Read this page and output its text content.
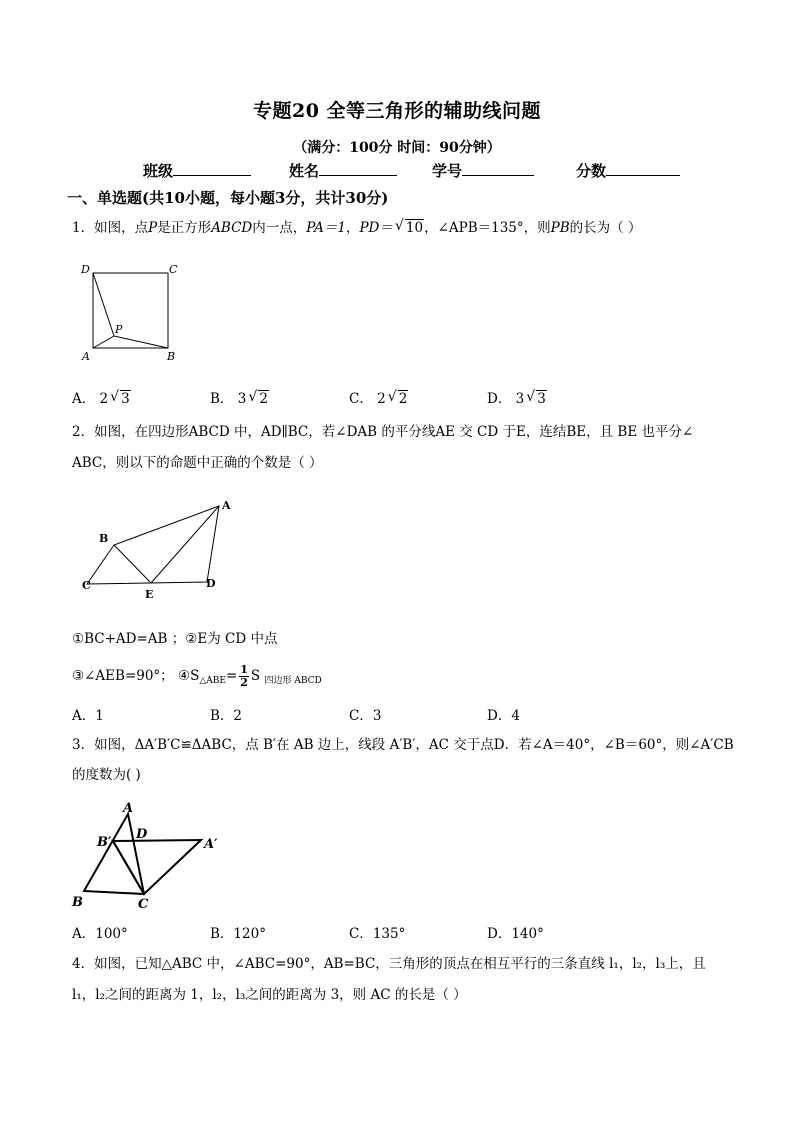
专题20 全等三角形的辅助线问题
（满分：100分 时间：90分钟）
班级	姓名	学号	分数
一、单选题(共10小题，每小题3分，共计30分)
1．如图，点P是正方形ABCD内一点，PA＝1，PD＝ √ 10，∠APB＝135°，则PB的长为（ ）
D	C
P
A	B
A． 2 √ 3	B． 3 √ 2	C． 2 √ 2	D． 3 √ 3
2．如图，在四边形ABCD 中，AD∥BC，若∠DAB 的平分线AE 交 CD 于E，连结BE，且 BE 也平分∠
ABC，则以下的命题中正确的个数是（ ）
A
B
C	D
E
①BC+AD=AB ；②E为 CD 中点
③∠AEB=90°； $④S_{\triangle ABE}= \frac{1}{2}$ S $_{四边形 ABCD}$
A．1	B．2	C．3	D．4
3．如图，ΔA′B′C≌ΔABC，点 B′在 AB 边上，线段 A′B′，AC 交于点D．若∠A＝40°，∠B＝60°，则∠A′CB
的度数为( )
A
B′
D
A′
B	C
A．100°	B．120°	C．135°	D．140°
4．如图，已知△ABC 中，∠ABC=90°，AB=BC，三角形的顶点在相互平行的三条直线 l₁，l₂，l₃上，且
l₁，l₂之间的距离为 1，l₂，l₃之间的距离为 3，则 AC 的长是（ ）
